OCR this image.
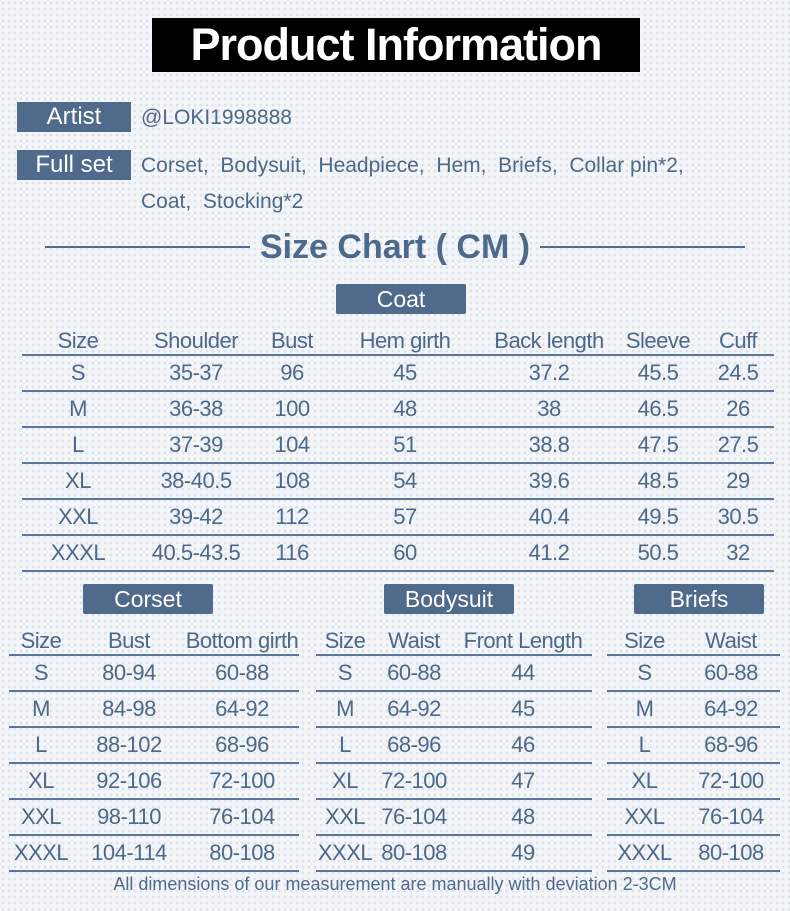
Product Information
Artist	@LOKI1998888
Full set	Corset,  Bodysuit,  Headpiece,  Hem,  Briefs,  Collar pin*2,
Coat,  Stocking*2
Size Chart ( CM )
Coat
Size	Shoulder	Bust	Hem girth	Back length	Sleeve	Cuff
S	35-37	96	45	37.2	45.5	24.5
M	36-38	100	48	38	46.5	26
L	37-39	104	51	38.8	47.5	27.5
XL	38-40.5	108	54	39.6	48.5	29
XXL	39-42	112	57	40.4	49.5	30.5
XXXL	40.5-43.5	116	60	41.2	50.5	32
Corset
Size	Bust	Bottom girth
S	80-94	60-88
M	84-98	64-92
L	88-102	68-96
XL	92-106	72-100
XXL	98-110	76-104
XXXL	104-114	80-108
Bodysuit
Size	Waist	Front Length
S	60-88	44
M	64-92	45
L	68-96	46
XL	72-100	47
XXL	76-104	48
XXXL	80-108	49
Briefs
Size	Waist
S	60-88
M	64-92
L	68-96
XL	72-100
XXL	76-104
XXXL	80-108
All dimensions of our measurement are manually with deviation 2-3CM
